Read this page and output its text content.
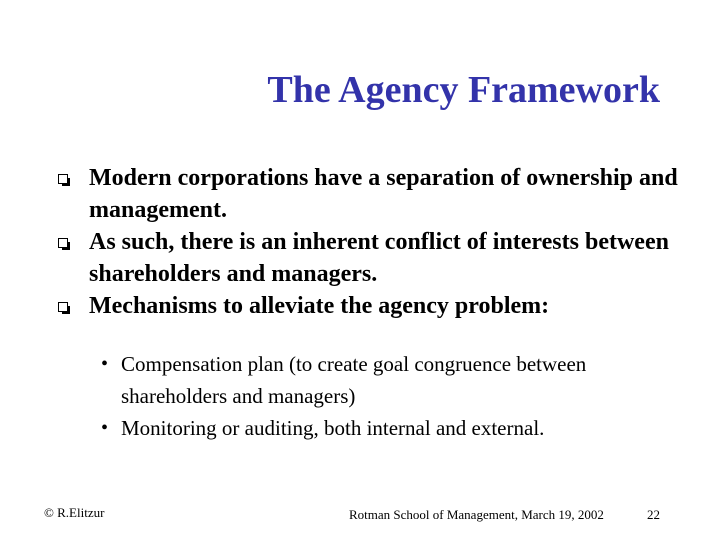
The Agency Framework
Modern corporations have a separation of ownership and management.
As such, there is an inherent conflict of interests between shareholders and managers.
Mechanisms to alleviate the agency problem:
• Compensation plan (to create goal congruence between shareholders and managers)
• Monitoring or auditing, both internal and external.
© R.Elitzur	Rotman School of Management, March 19, 2002	22
